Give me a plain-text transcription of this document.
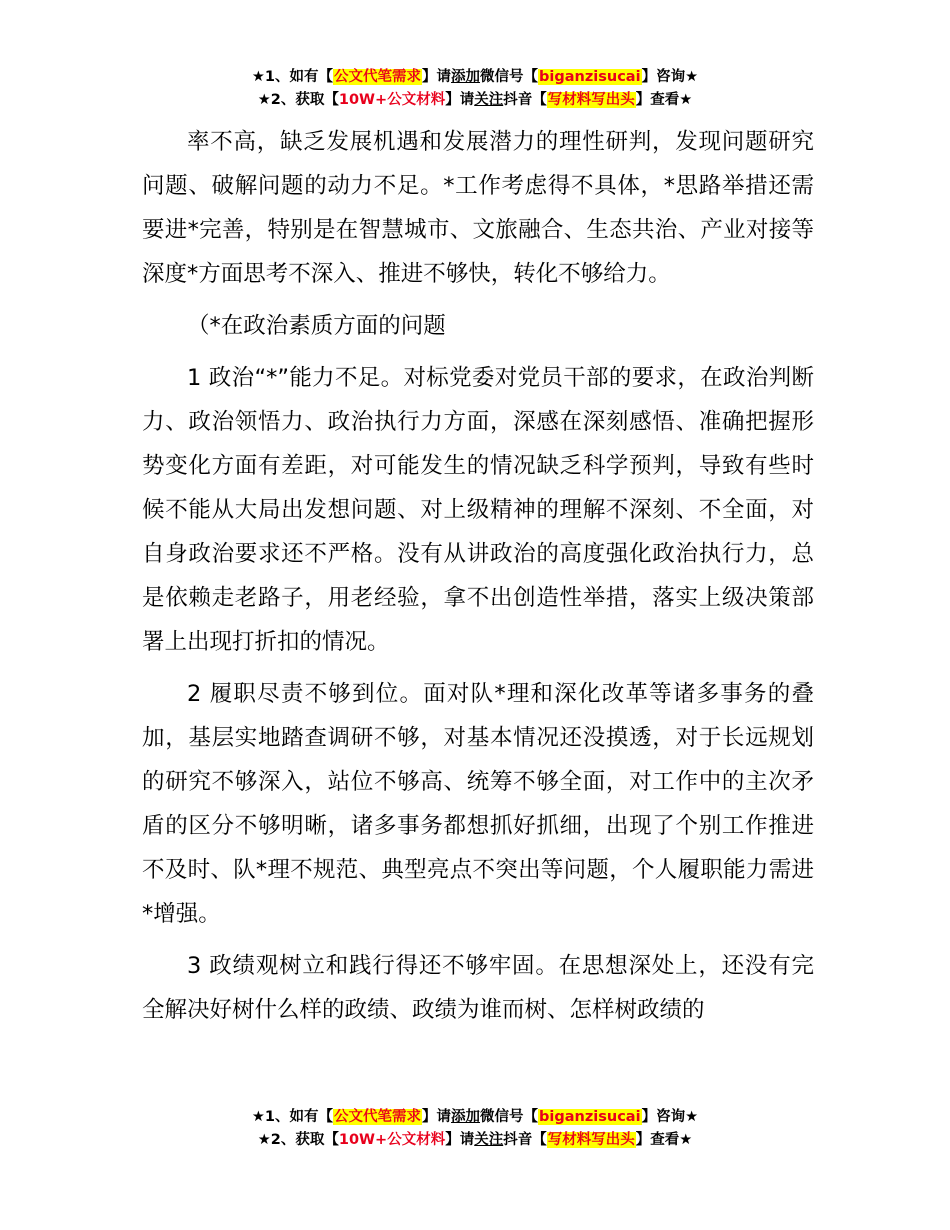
★1、如有【公文代笔需求】请添加微信号【biganzisucai】咨询★
★2、获取【10W+公文材料】请关注抖音【写材料写出头】查看★

率不高，缺乏发展机遇和发展潜力的理性研判，发现问题研究问题、破解问题的动力不足。*工作考虑得不具体，*思路举措还需要进*完善，特别是在智慧城市、文旅融合、生态共治、产业对接等深度*方面思考不深入、推进不够快，转化不够给力。

（*在政治素质方面的问题

1 政治“*”能力不足。对标党委对党员干部的要求，在政治判断力、政治领悟力、政治执行力方面，深感在深刻感悟、准确把握形势变化方面有差距，对可能发生的情况缺乏科学预判，导致有些时候不能从大局出发想问题、对上级精神的理解不深刻、不全面，对自身政治要求还不严格。没有从讲政治的高度强化政治执行力，总是依赖走老路子，用老经验，拿不出创造性举措，落实上级决策部署上出现打折扣的情况。

2 履职尽责不够到位。面对队*理和深化改革等诸多事务的叠加，基层实地踏查调研不够，对基本情况还没摸透，对于长远规划的研究不够深入，站位不够高、统筹不够全面，对工作中的主次矛盾的区分不够明晰，诸多事务都想抓好抓细，出现了个别工作推进不及时、队*理不规范、典型亮点不突出等问题，个人履职能力需进*增强。

3 政绩观树立和践行得还不够牢固。在思想深处上，还没有完全解决好树什么样的政绩、政绩为谁而树、怎样树政绩的

★1、如有【公文代笔需求】请添加微信号【biganzisucai】咨询★
★2、获取【10W+公文材料】请关注抖音【写材料写出头】查看★
